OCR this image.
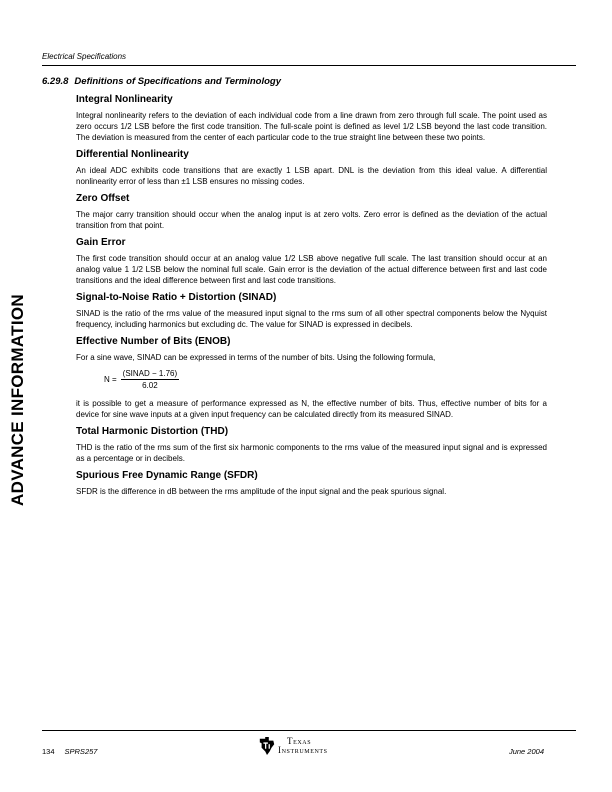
Electrical Specifications
6.29.8 Definitions of Specifications and Terminology
ADVANCE INFORMATION
Integral Nonlinearity

Integral nonlinearity refers to the deviation of each individual code from a line drawn from zero through full scale. The point used as zero occurs 1/2 LSB before the first code transition. The full-scale point is defined as level 1/2 LSB beyond the last code transition. The deviation is measured from the center of each particular code to the true straight line between these two points.

Differential Nonlinearity

An ideal ADC exhibits code transitions that are exactly 1 LSB apart. DNL is the deviation from this ideal value. A differential nonlinearity error of less than ±1 LSB ensures no missing codes.

Zero Offset

The major carry transition should occur when the analog input is at zero volts. Zero error is defined as the deviation of the actual transition from that point.

Gain Error

The first code transition should occur at an analog value 1/2 LSB above negative full scale. The last transition should occur at an analog value 1 1/2 LSB below the nominal full scale. Gain error is the deviation of the actual difference between first and last code transitions and the ideal difference between first and last code transitions.

Signal-to-Noise Ratio + Distortion (SINAD)

SINAD is the ratio of the rms value of the measured input signal to the rms sum of all other spectral components below the Nyquist frequency, including harmonics but excluding dc. The value for SINAD is expressed in decibels.

Effective Number of Bits (ENOB)

For a sine wave, SINAD can be expressed in terms of the number of bits. Using the following formula,

$N = \frac{\text{(SINAD − 1.76)}}{6.02}$

it is possible to get a measure of performance expressed as N, the effective number of bits. Thus, effective number of bits for a device for sine wave inputs at a given input frequency can be calculated directly from its measured SINAD.

Total Harmonic Distortion (THD)

THD is the ratio of the rms sum of the first six harmonic components to the rms value of the measured input signal and is expressed as a percentage or in decibels.

Spurious Free Dynamic Range (SFDR)

SFDR is the difference in dB between the rms amplitude of the input signal and the peak spurious signal.

134 SPRS257
Texas
Instruments	June 2004
